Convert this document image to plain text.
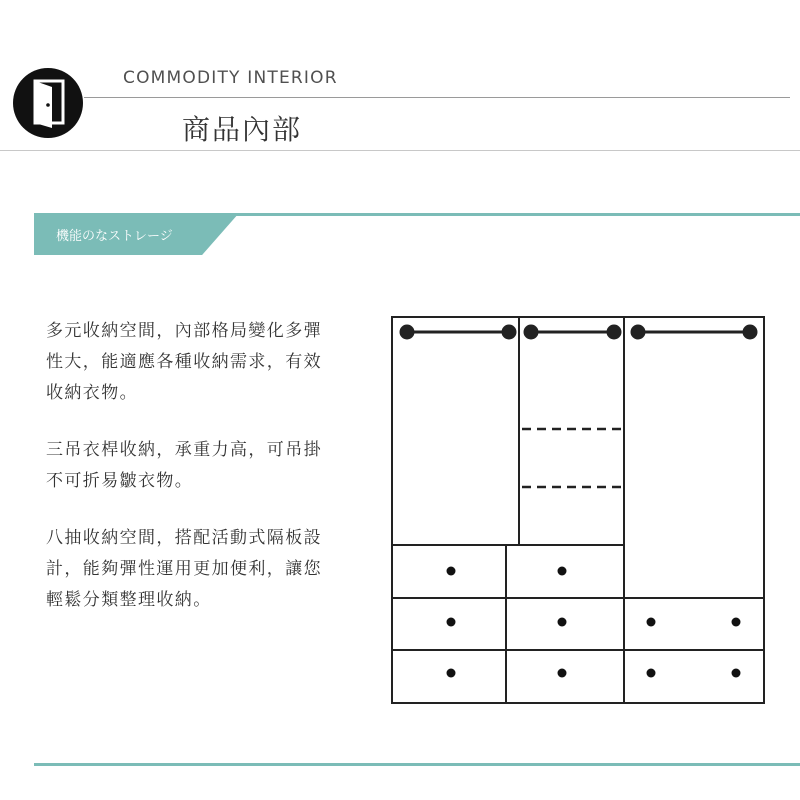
COMMODITY INTERIOR
商品內部
機能のなストレージ

多元收納空間，內部格局變化多彈
性大，能適應各種收納需求，有效
收納衣物。

三吊衣桿收納，承重力高，可吊掛
不可折易皺衣物。

八抽收納空間，搭配活動式隔板設
計，能夠彈性運用更加便利，讓您
輕鬆分類整理收納。
